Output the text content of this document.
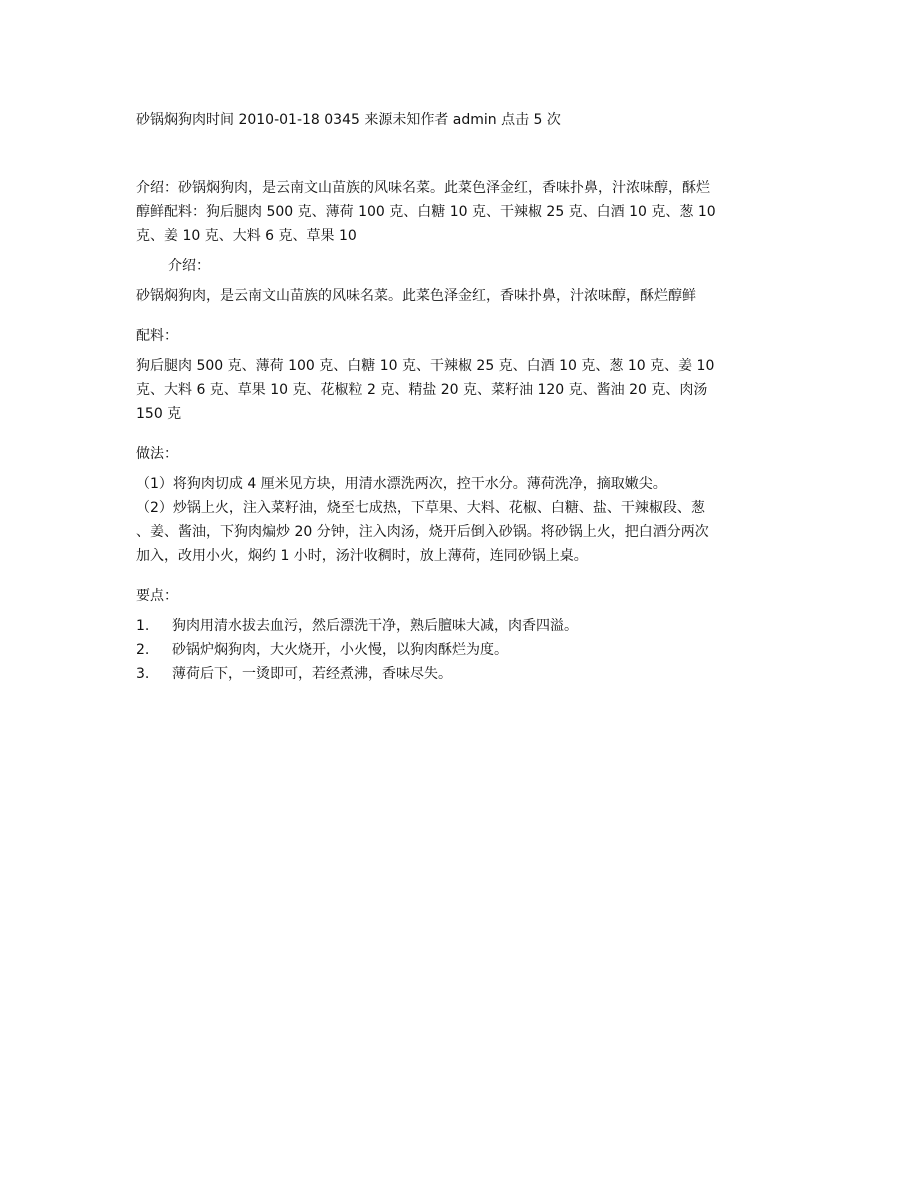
砂锅焖狗肉时间 2010-01-18 0345 来源未知作者 admin 点击 5 次

介绍：砂锅焖狗肉，是云南文山苗族的风味名菜。此菜色泽金红，香味扑鼻，汁浓味醇，酥烂

醇鲜配料：狗后腿肉 500 克、薄荷 100 克、白糖 10 克、干辣椒 25 克、白酒 10 克、葱 10

克、姜 10 克、大料 6 克、草果 10

介绍：

砂锅焖狗肉，是云南文山苗族的风味名菜。此菜色泽金红，香味扑鼻，汁浓味醇，酥烂醇鲜

配料：

狗后腿肉 500 克、薄荷 100 克、白糖 10 克、干辣椒 25 克、白酒 10 克、葱 10 克、姜 10

克、大料 6 克、草果 10 克、花椒粒 2 克、精盐 20 克、菜籽油 120 克、酱油 20 克、肉汤

150 克

做法：

（1）将狗肉切成 4 厘米见方块，用清水漂洗两次，控干水分。薄荷洗净，摘取嫩尖。

（2）炒锅上火，注入菜籽油，烧至七成热，下草果、大料、花椒、白糖、盐、干辣椒段、葱

、姜、酱油，下狗肉煸炒 20 分钟，注入肉汤，烧开后倒入砂锅。将砂锅上火，把白酒分两次

加入，改用小火，焖约 1 小时，汤汁收稠时，放上薄荷，连同砂锅上桌。

要点：

1.	狗肉用清水拔去血污，然后漂洗干净，熟后膻味大减，肉香四溢。
2.	砂锅炉焖狗肉，大火烧开，小火慢，以狗肉酥烂为度。
3.	薄荷后下，一烫即可，若经煮沸，香味尽失。
